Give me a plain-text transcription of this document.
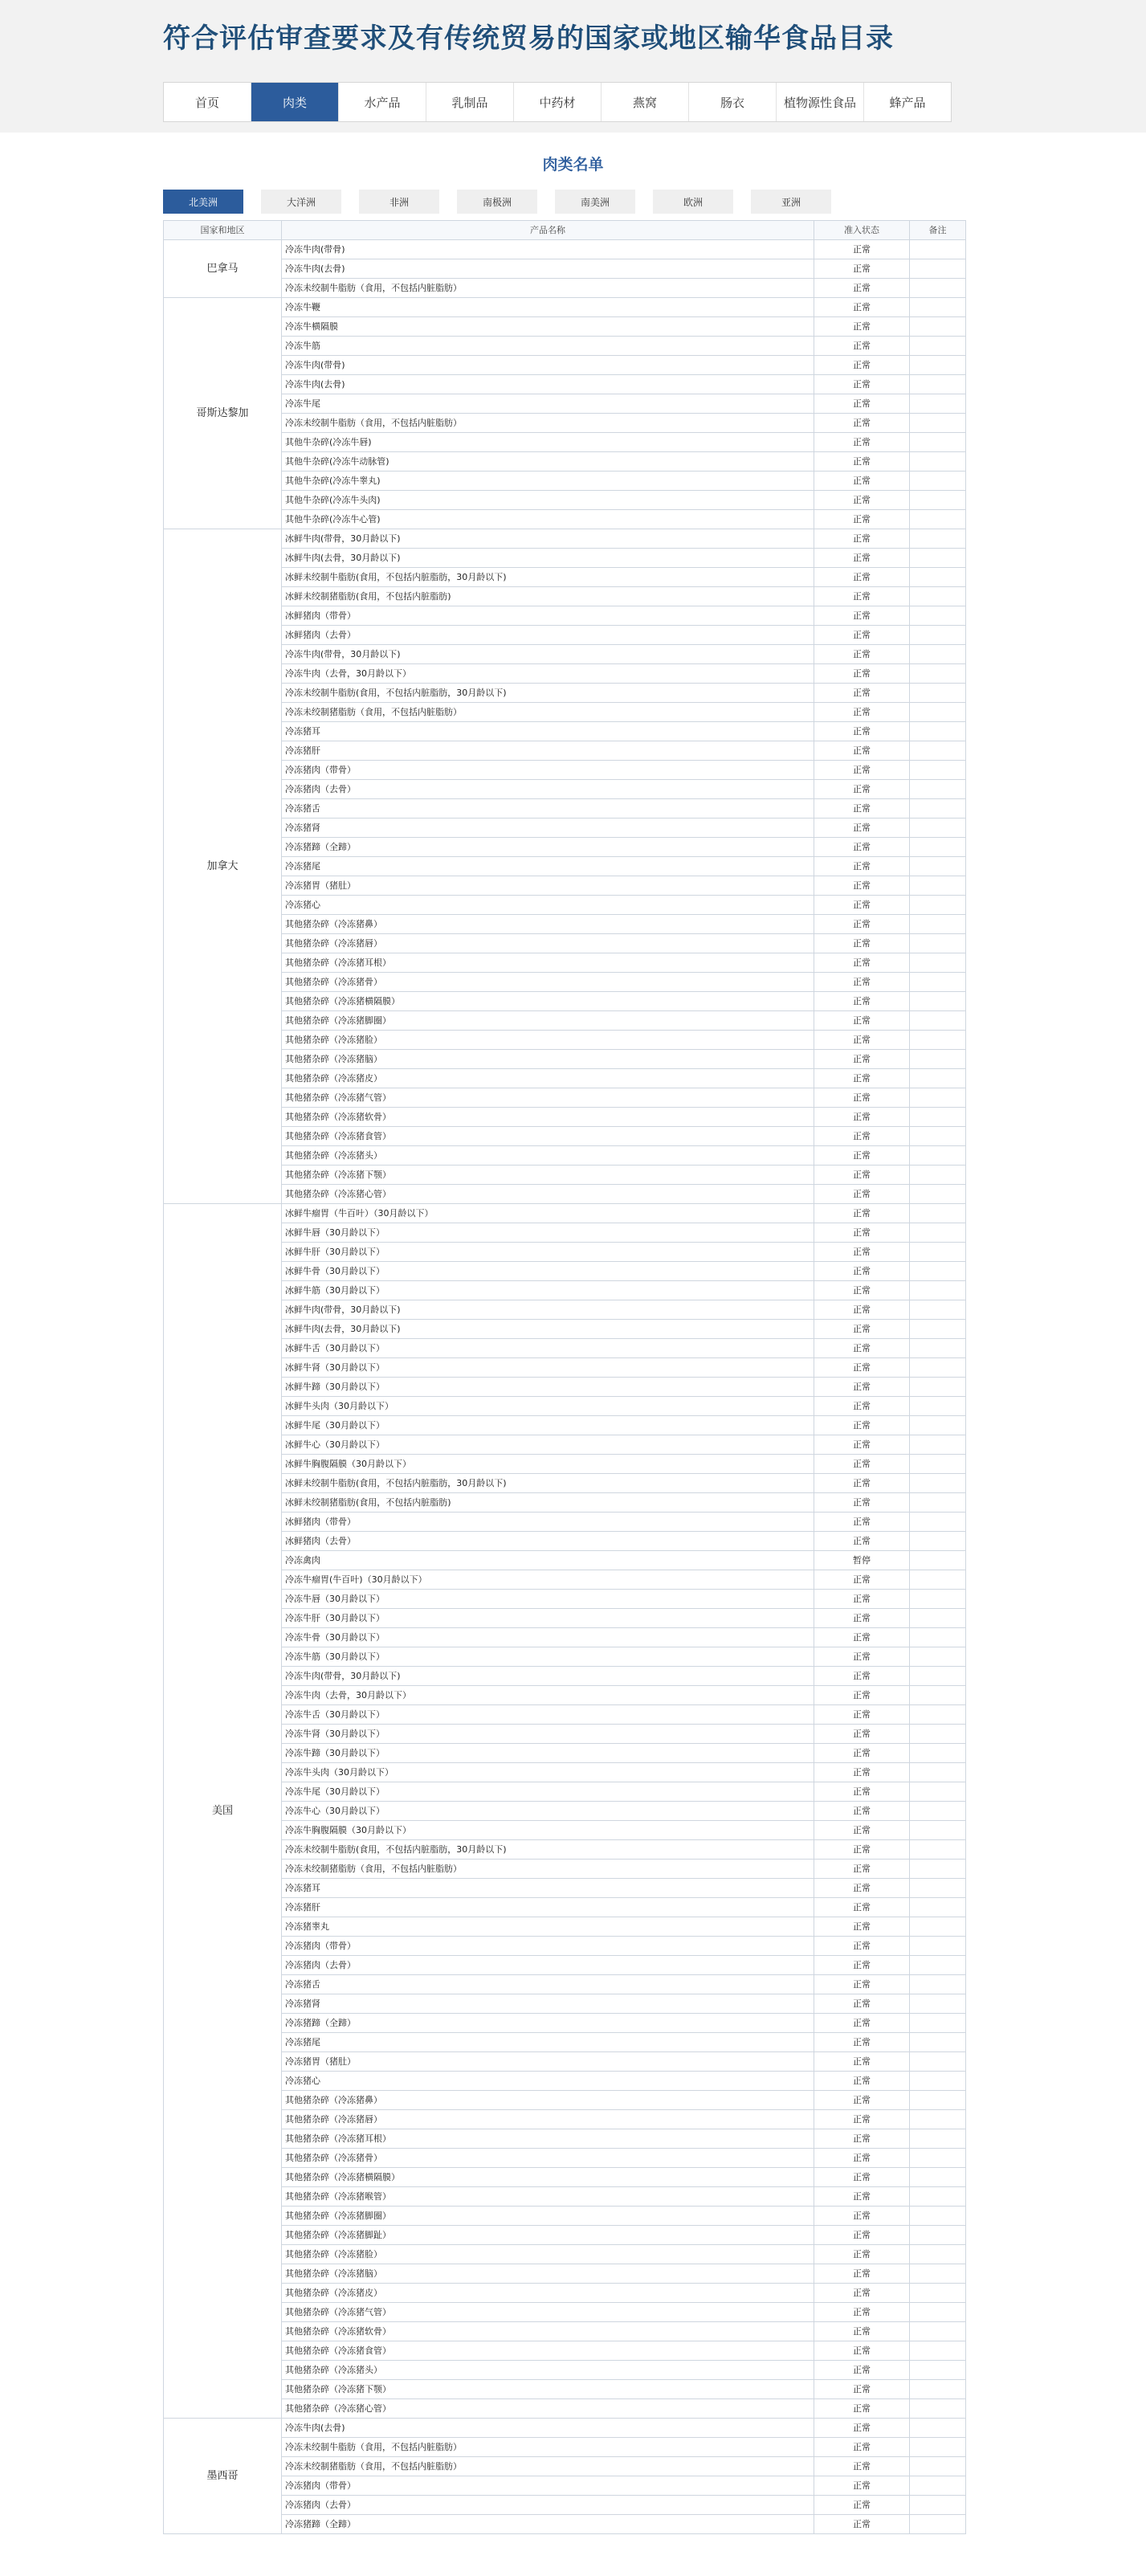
符合评估审查要求及有传统贸易的国家或地区输华食品目录
首页	肉类	水产品	乳制品	中药材	燕窝	肠衣	植物源性食品	蜂产品
肉类名单
北美洲	大洋洲	非洲	南极洲	南美洲	欧洲	亚洲
国家和地区	产品名称	准入状态	备注
巴拿马	冷冻牛肉(带骨)	正常	
	冷冻牛肉(去骨)	正常	
	冷冻未绞制牛脂肪（食用，不包括内脏脂肪）	正常	
哥斯达黎加	冷冻牛鞭	正常	
	冷冻牛横隔膜	正常	
	冷冻牛筋	正常	
	冷冻牛肉(带骨)	正常	
	冷冻牛肉(去骨)	正常	
	冷冻牛尾	正常	
	冷冻未绞制牛脂肪（食用，不包括内脏脂肪）	正常	
	其他牛杂碎(冷冻牛唇)	正常	
	其他牛杂碎(冷冻牛动脉管)	正常	
	其他牛杂碎(冷冻牛睾丸)	正常	
	其他牛杂碎(冷冻牛头肉)	正常	
	其他牛杂碎(冷冻牛心管)	正常	
加拿大	冰鲜牛肉(带骨，30月龄以下)	正常	
	冰鲜牛肉(去骨，30月龄以下)	正常	
	冰鲜未绞制牛脂肪(食用，不包括内脏脂肪，30月龄以下)	正常	
	冰鲜未绞制猪脂肪(食用，不包括内脏脂肪)	正常	
	冰鲜猪肉（带骨）	正常	
	冰鲜猪肉（去骨）	正常	
	冷冻牛肉(带骨，30月龄以下)	正常	
	冷冻牛肉（去骨，30月龄以下）	正常	
	冷冻未绞制牛脂肪(食用，不包括内脏脂肪，30月龄以下)	正常	
	冷冻未绞制猪脂肪（食用，不包括内脏脂肪）	正常	
	冷冻猪耳	正常	
	冷冻猪肝	正常	
	冷冻猪肉（带骨）	正常	
	冷冻猪肉（去骨）	正常	
	冷冻猪舌	正常	
	冷冻猪肾	正常	
	冷冻猪蹄（全蹄）	正常	
	冷冻猪尾	正常	
	冷冻猪胃（猪肚）	正常	
	冷冻猪心	正常	
	其他猪杂碎（冷冻猪鼻）	正常	
	其他猪杂碎（冷冻猪唇）	正常	
	其他猪杂碎（冷冻猪耳根）	正常	
	其他猪杂碎（冷冻猪骨）	正常	
	其他猪杂碎（冷冻猪横隔膜）	正常	
	其他猪杂碎（冷冻猪脚圈）	正常	
	其他猪杂碎（冷冻猪脸）	正常	
	其他猪杂碎（冷冻猪脑）	正常	
	其他猪杂碎（冷冻猪皮）	正常	
	其他猪杂碎（冷冻猪气管）	正常	
	其他猪杂碎（冷冻猪软骨）	正常	
	其他猪杂碎（冷冻猪食管）	正常	
	其他猪杂碎（冷冻猪头）	正常	
	其他猪杂碎（冷冻猪下颚）	正常	
	其他猪杂碎（冷冻猪心管）	正常	
美国	冰鲜牛瘤胃（牛百叶）（30月龄以下）	正常	
	冰鲜牛唇（30月龄以下）	正常	
	冰鲜牛肝（30月龄以下）	正常	
	冰鲜牛骨（30月龄以下）	正常	
	冰鲜牛筋（30月龄以下）	正常	
	冰鲜牛肉(带骨，30月龄以下)	正常	
	冰鲜牛肉(去骨，30月龄以下)	正常	
	冰鲜牛舌（30月龄以下）	正常	
	冰鲜牛肾（30月龄以下）	正常	
	冰鲜牛蹄（30月龄以下）	正常	
	冰鲜牛头肉（30月龄以下）	正常	
	冰鲜牛尾（30月龄以下）	正常	
	冰鲜牛心（30月龄以下）	正常	
	冰鲜牛胸腹隔膜（30月龄以下）	正常	
	冰鲜未绞制牛脂肪(食用，不包括内脏脂肪，30月龄以下)	正常	
	冰鲜未绞制猪脂肪(食用，不包括内脏脂肪)	正常	
	冰鲜猪肉（带骨）	正常	
	冰鲜猪肉（去骨）	正常	
	冷冻禽肉	暂停	
	冷冻牛瘤胃(牛百叶)（30月龄以下）	正常	
	冷冻牛唇（30月龄以下）	正常	
	冷冻牛肝（30月龄以下）	正常	
	冷冻牛骨（30月龄以下）	正常	
	冷冻牛筋（30月龄以下）	正常	
	冷冻牛肉(带骨，30月龄以下)	正常	
	冷冻牛肉（去骨，30月龄以下）	正常	
	冷冻牛舌（30月龄以下）	正常	
	冷冻牛肾（30月龄以下）	正常	
	冷冻牛蹄（30月龄以下）	正常	
	冷冻牛头肉（30月龄以下）	正常	
	冷冻牛尾（30月龄以下）	正常	
	冷冻牛心（30月龄以下）	正常	
	冷冻牛胸腹隔膜（30月龄以下）	正常	
	冷冻未绞制牛脂肪(食用，不包括内脏脂肪，30月龄以下)	正常	
	冷冻未绞制猪脂肪（食用，不包括内脏脂肪）	正常	
	冷冻猪耳	正常	
	冷冻猪肝	正常	
	冷冻猪睾丸	正常	
	冷冻猪肉（带骨）	正常	
	冷冻猪肉（去骨）	正常	
	冷冻猪舌	正常	
	冷冻猪肾	正常	
	冷冻猪蹄（全蹄）	正常	
	冷冻猪尾	正常	
	冷冻猪胃（猪肚）	正常	
	冷冻猪心	正常	
	其他猪杂碎（冷冻猪鼻）	正常	
	其他猪杂碎（冷冻猪唇）	正常	
	其他猪杂碎（冷冻猪耳根）	正常	
	其他猪杂碎（冷冻猪骨）	正常	
	其他猪杂碎（冷冻猪横隔膜）	正常	
	其他猪杂碎（冷冻猪喉管）	正常	
	其他猪杂碎（冷冻猪脚圈）	正常	
	其他猪杂碎（冷冻猪脚趾）	正常	
	其他猪杂碎（冷冻猪脸）	正常	
	其他猪杂碎（冷冻猪脑）	正常	
	其他猪杂碎（冷冻猪皮）	正常	
	其他猪杂碎（冷冻猪气管）	正常	
	其他猪杂碎（冷冻猪软骨）	正常	
	其他猪杂碎（冷冻猪食管）	正常	
	其他猪杂碎（冷冻猪头）	正常	
	其他猪杂碎（冷冻猪下颚）	正常	
	其他猪杂碎（冷冻猪心管）	正常	
墨西哥	冷冻牛肉(去骨)	正常	
	冷冻未绞制牛脂肪（食用，不包括内脏脂肪）	正常	
	冷冻未绞制猪脂肪（食用，不包括内脏脂肪）	正常	
	冷冻猪肉（带骨）	正常	
	冷冻猪肉（去骨）	正常	
	冷冻猪蹄（全蹄）	正常	
